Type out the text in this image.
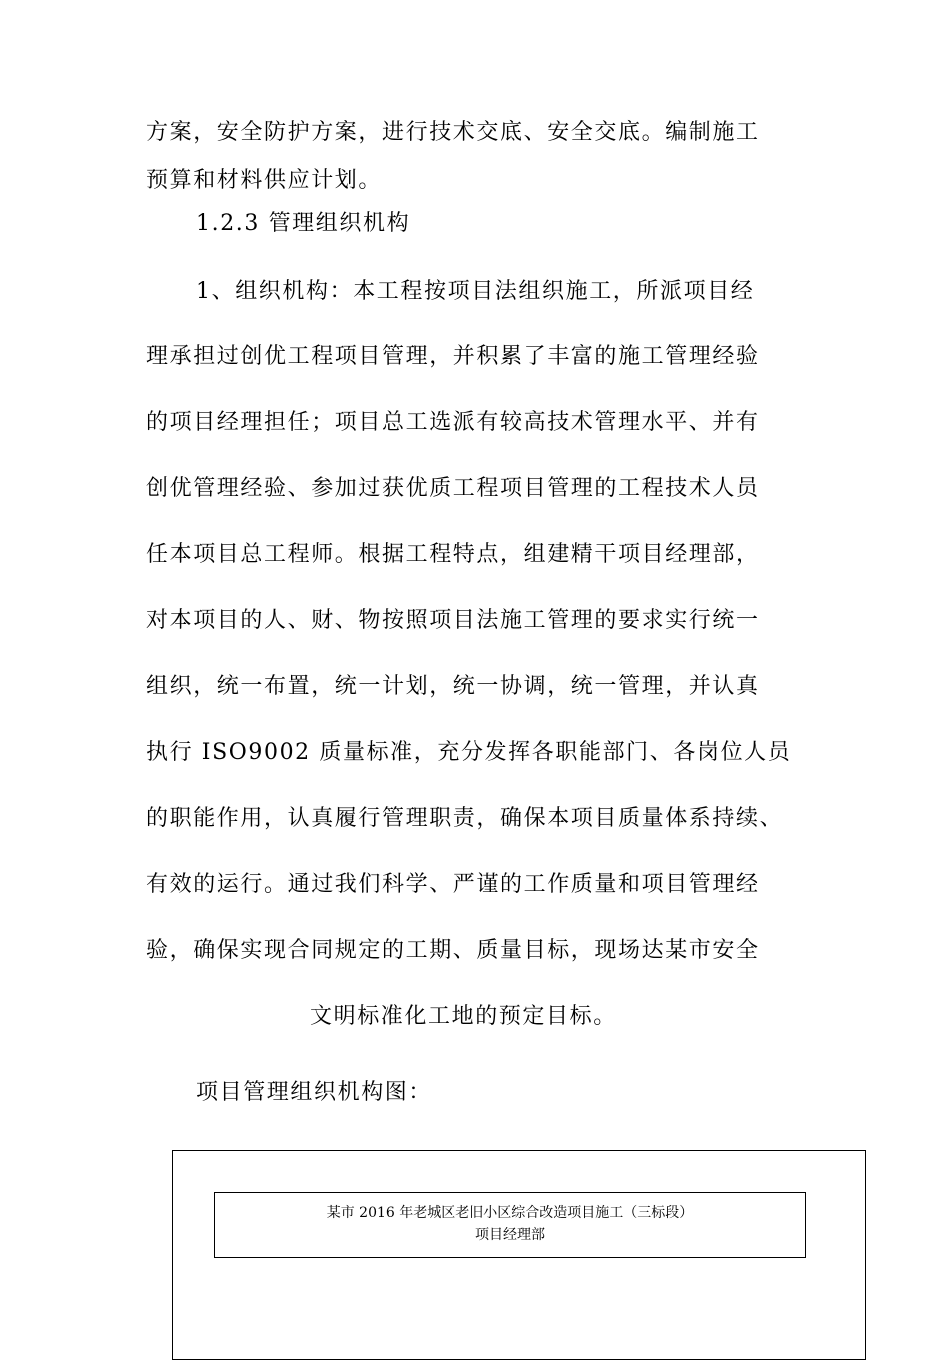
方案，安全防护方案，进行技术交底、安全交底。编制施工
预算和材料供应计划。
1.2.3 管理组织机构
1、组织机构：本工程按项目法组织施工，所派项目经
理承担过创优工程项目管理，并积累了丰富的施工管理经验
的项目经理担任；项目总工选派有较高技术管理水平、并有
创优管理经验、参加过获优质工程项目管理的工程技术人员
任本项目总工程师。根据工程特点，组建精干项目经理部，
对本项目的人、财、物按照项目法施工管理的要求实行统一
组织，统一布置，统一计划，统一协调，统一管理，并认真
执行 ISO9002 质量标准，充分发挥各职能部门、各岗位人员
的职能作用，认真履行管理职责，确保本项目质量体系持续、
有效的运行。通过我们科学、严谨的工作质量和项目管理经
验，确保实现合同规定的工期、质量目标，现场达某市安全
文明标准化工地的预定目标。
项目管理组织机构图：
某市 2016 年老城区老旧小区综合改造项目施工（三标段）
项目经理部
